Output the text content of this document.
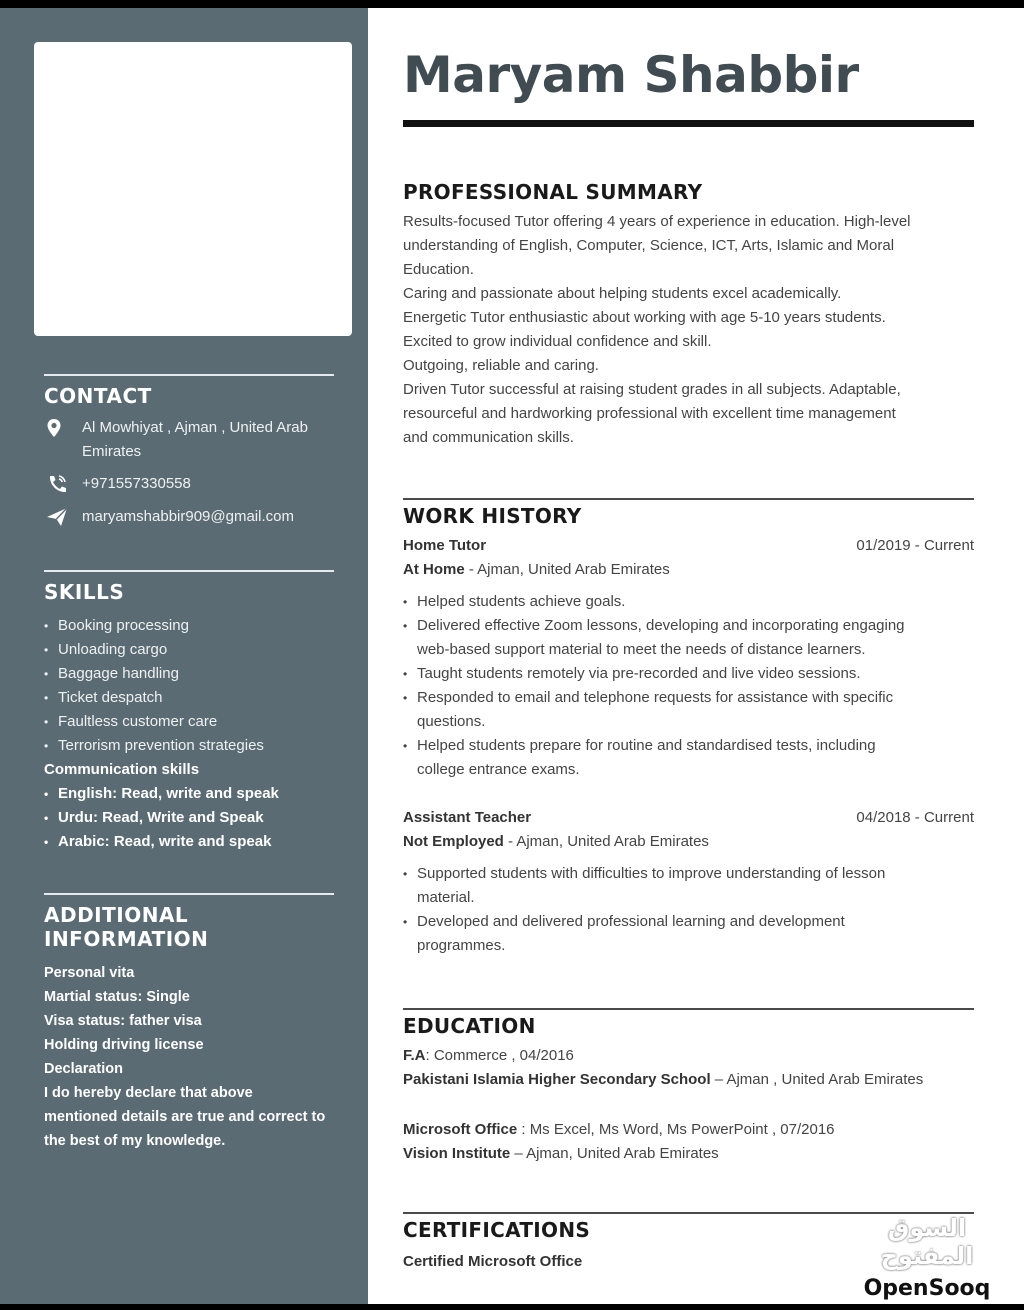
CONTACT
Al Mowhiyat , Ajman , United Arab
Emirates
+971557330558
maryamshabbir909@gmail.com
SKILLS
• Booking processing
• Unloading cargo
• Baggage handling
• Ticket despatch
• Faultless customer care
• Terrorism prevention strategies
Communication skills
• English: Read, write and speak
• Urdu: Read, Write and Speak
• Arabic: Read, write and speak
ADDITIONAL INFORMATION
Personal vita
Martial status: Single
Visa status: father visa
Holding driving license
Declaration
I do hereby declare that above
mentioned details are true and correct to
the best of my knowledge.
Maryam Shabbir
PROFESSIONAL SUMMARY
Results-focused Tutor offering 4 years of experience in education. High-level
understanding of English, Computer, Science, ICT, Arts, Islamic and Moral
Education.
Caring and passionate about helping students excel academically.
Energetic Tutor enthusiastic about working with age 5-10 years students.
Excited to grow individual confidence and skill.
Outgoing, reliable and caring.
Driven Tutor successful at raising student grades in all subjects. Adaptable,
resourceful and hardworking professional with excellent time management
and communication skills.
WORK HISTORY
Home Tutor	01/2019 - Current
At Home - Ajman, United Arab Emirates
• Helped students achieve goals.
• Delivered effective Zoom lessons, developing and incorporating engaging
web-based support material to meet the needs of distance learners.
• Taught students remotely via pre-recorded and live video sessions.
• Responded to email and telephone requests for assistance with specific
questions.
• Helped students prepare for routine and standardised tests, including
college entrance exams.
Assistant Teacher	04/2018 - Current
Not Employed - Ajman, United Arab Emirates
• Supported students with difficulties to improve understanding of lesson
material.
• Developed and delivered professional learning and development
programmes.
EDUCATION
F.A: Commerce , 04/2016
Pakistani Islamia Higher Secondary School – Ajman , United Arab Emirates
Microsoft Office : Ms Excel, Ms Word, Ms PowerPoint , 07/2016
Vision Institute – Ajman, United Arab Emirates
CERTIFICATIONS
Certified Microsoft Office
السوق المفتوح
OpenSooq
